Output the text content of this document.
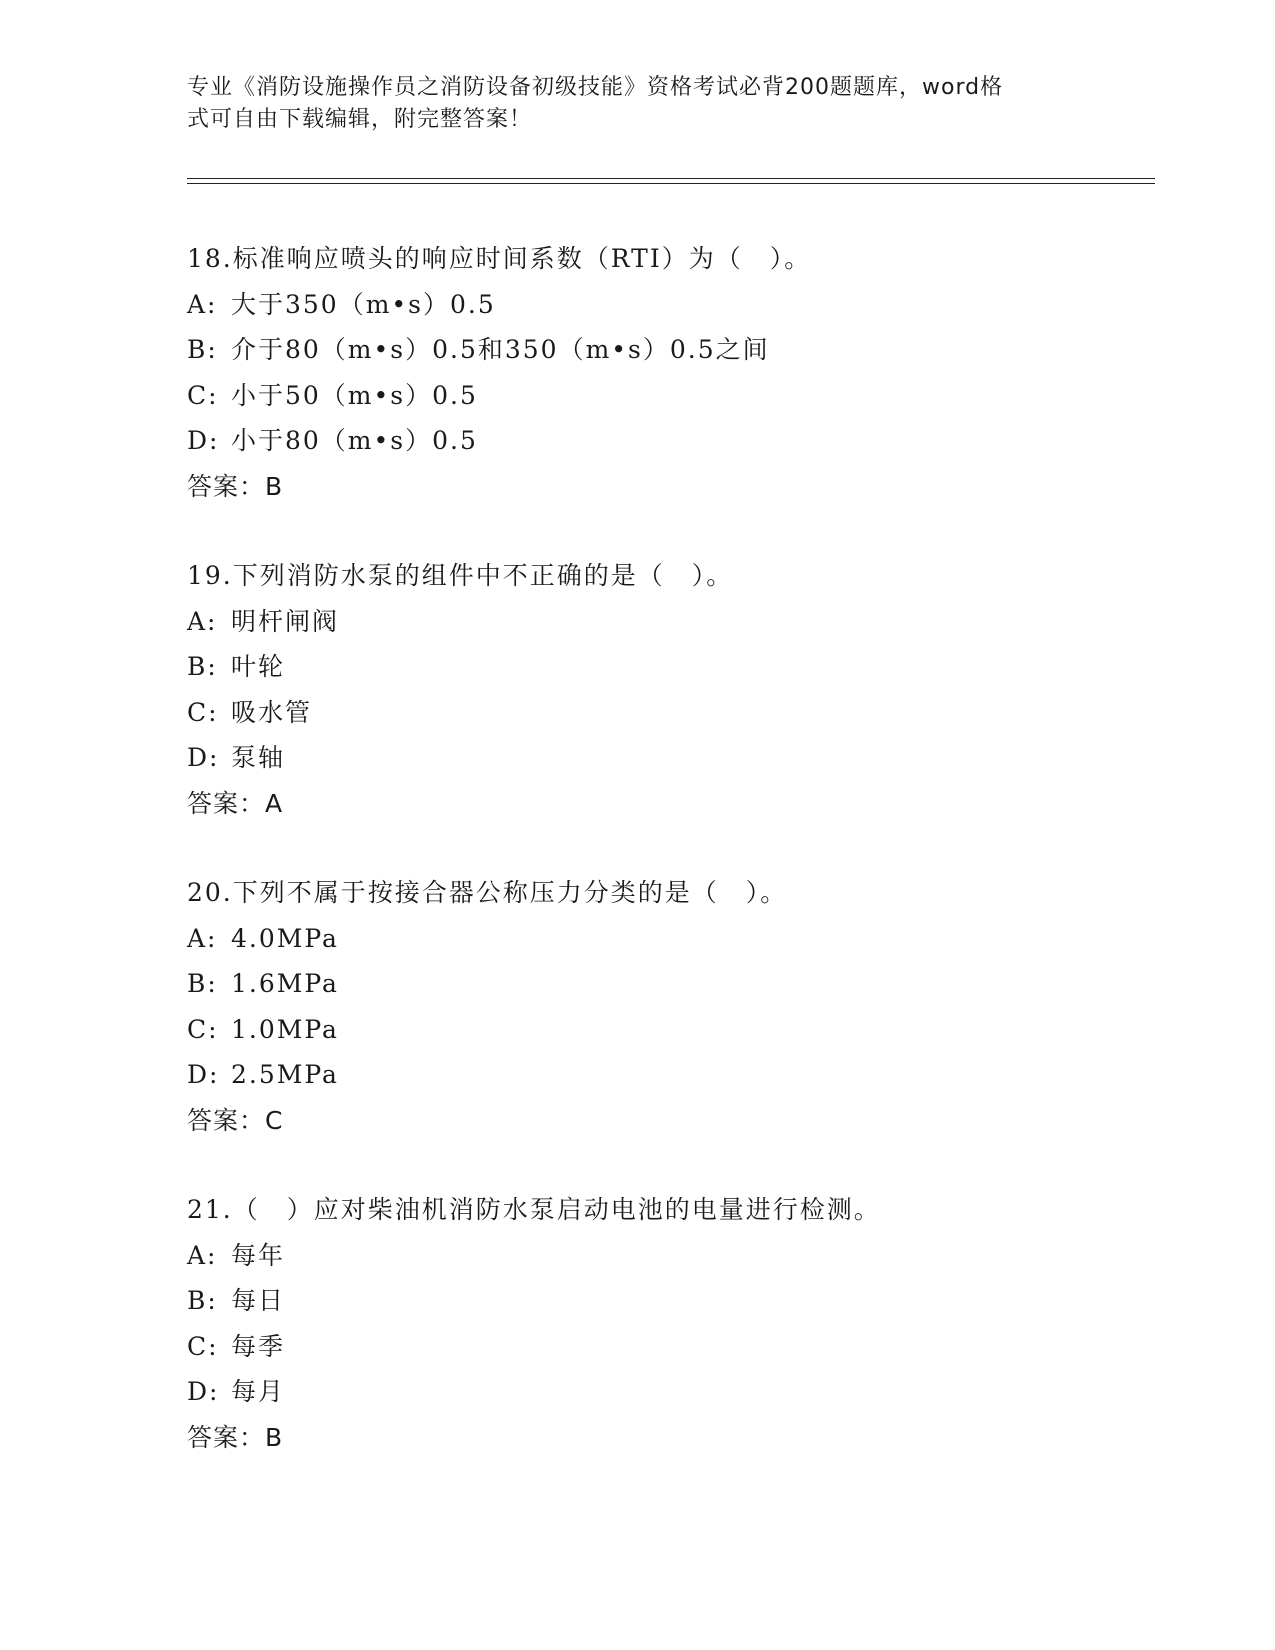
专业《消防设施操作员之消防设备初级技能》资格考试必背200题题库，word格
式可自由下载编辑，附完整答案！
18.标准响应喷头的响应时间系数（RTI）为（　）。
A: 大于350（m•s）0.5
B: 介于80（m•s）0.5和350（m•s）0.5之间
C: 小于50（m•s）0.5
D: 小于80（m•s）0.5
答案：B
19.下列消防水泵的组件中不正确的是（　）。
A: 明杆闸阀
B: 叶轮
C: 吸水管
D: 泵轴
答案：A
20.下列不属于按接合器公称压力分类的是（　）。
A: 4.0MPa
B: 1.6MPa
C: 1.0MPa
D: 2.5MPa
答案：C
21.（　）应对柴油机消防水泵启动电池的电量进行检测。
A: 每年
B: 每日
C: 每季
D: 每月
答案：B
